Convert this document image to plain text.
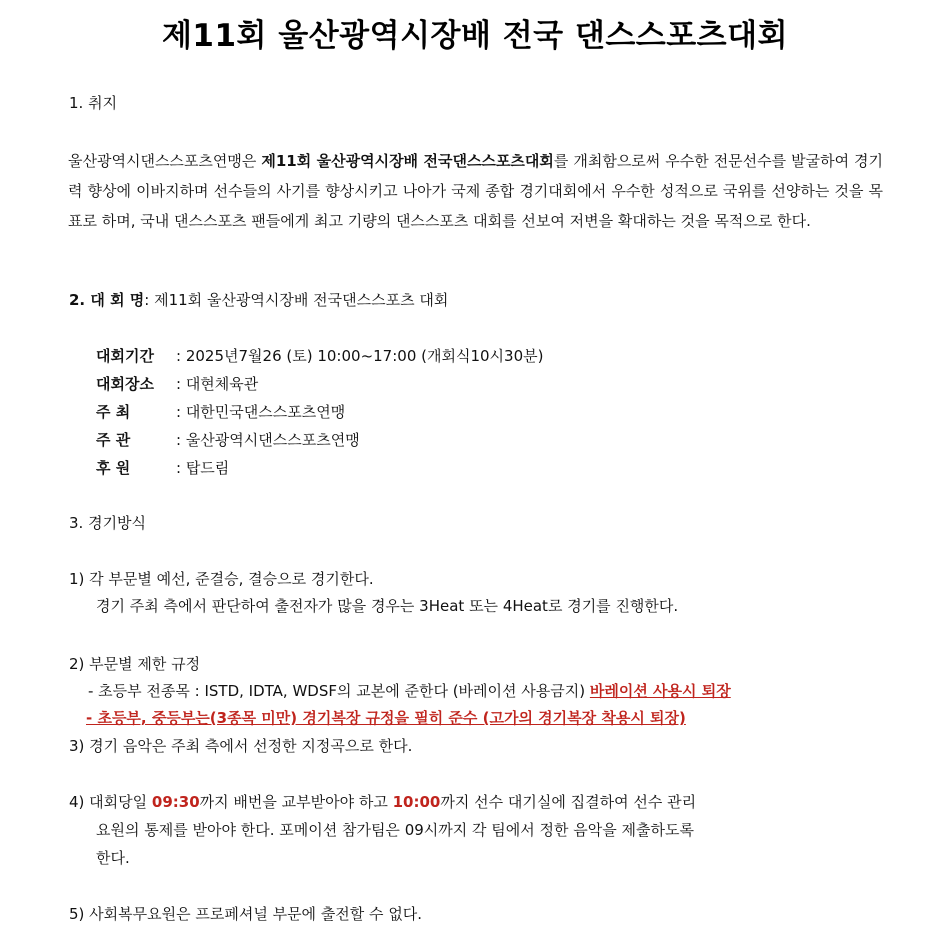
제11회 울산광역시장배 전국 댄스스포츠대회
1. 취지
울산광역시댄스스포츠연맹은 제11회 울산광역시장배 전국댄스스포츠대회를 개최함으로써 우수한 전문선수를 발굴하여 경기력 향상에 이바지하며 선수들의 사기를 향상시키고 나아가 국제 종합 경기대회에서 우수한 성적으로 국위를 선양하는 것을 목표로 하며, 국내 댄스스포츠 팬들에게 최고 기량의 댄스스포츠 대회를 선보여 저변을 확대하는 것을 목적으로 한다.
2. 대 회 명: 제11회 울산광역시장배 전국댄스스포츠 대회
대회기간 : 2025년7월26 (토) 10:00~17:00 (개회식10시30분)
대회장소 : 대현체육관
주 최	: 대한민국댄스스포츠연맹
주 관	: 울산광역시댄스스포츠연맹
후 원	: 탑드림
3. 경기방식
1) 각 부문별 예선, 준결승, 결승으로 경기한다.
경기 주최 측에서 판단하여 출전자가 많을 경우는 3Heat 또는 4Heat로 경기를 진행한다.
2) 부문별 제한 규정
- 초등부 전종목 : ISTD, IDTA, WDSF의 교본에 준한다 (바레이션 사용금지) 바레이션 사용시 퇴장
- 초등부, 중등부는(3종목 미만) 경기복장 규정을 필히 준수 (고가의 경기복장 착용시 퇴장)
3) 경기 음악은 주최 측에서 선정한 지정곡으로 한다.
4) 대회당일 09:30까지 배번을 교부받아야 하고 10:00까지 선수 대기실에 집결하여 선수 관리
요원의 통제를 받아야 한다. 포메이션 참가팀은 09시까지 각 팀에서 정한 음악을 제출하도록
한다.
5) 사회복무요원은 프로페셔널 부문에 출전할 수 없다.
